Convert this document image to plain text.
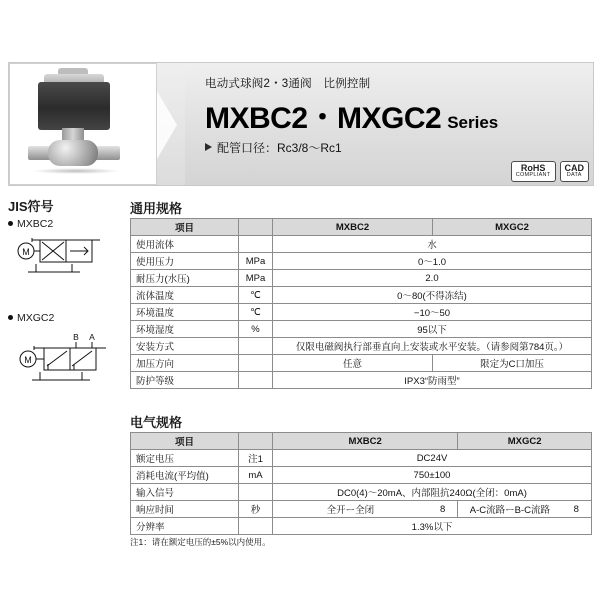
电动式球阀2・3通阀　比例控制
MXBC2・MXGC2 Series
配管口径：Rc3/8〜Rc1
RoHS
COMPLIANT
CAD
DATA
JIS符号
MXBC2
M
MXGC2
B A
M
通用规格
项目		MXBC2	MXGC2
使用流体		水	
使用压力	MPa	0〜1.0	
耐压力(水压)	MPa	2.0	
流体温度	℃	0〜80(不得冻结)	
环境温度	℃	−10〜50	
环境湿度	%	95以下	
安装方式		仅限电磁阀执行部垂直向上安装或水平安装。（请参阅第784页。）	
加压方向		任意	限定为C口加压
防护等级		IPX3“防雨型”	
电气规格
项目		MXBC2		MXGC2	
额定电压	注1	DC24V			
消耗电流(平均值)	mA	750±100			
输入信号		DC0(4)〜20mA、内部阻抗240Ω(全闭：0mA)			
响应时间	秒	全开ー全闭	8	A-C流路ーB-C流路	8
分辨率		1.3%以下			
注1：请在额定电压的±5%以内使用。
